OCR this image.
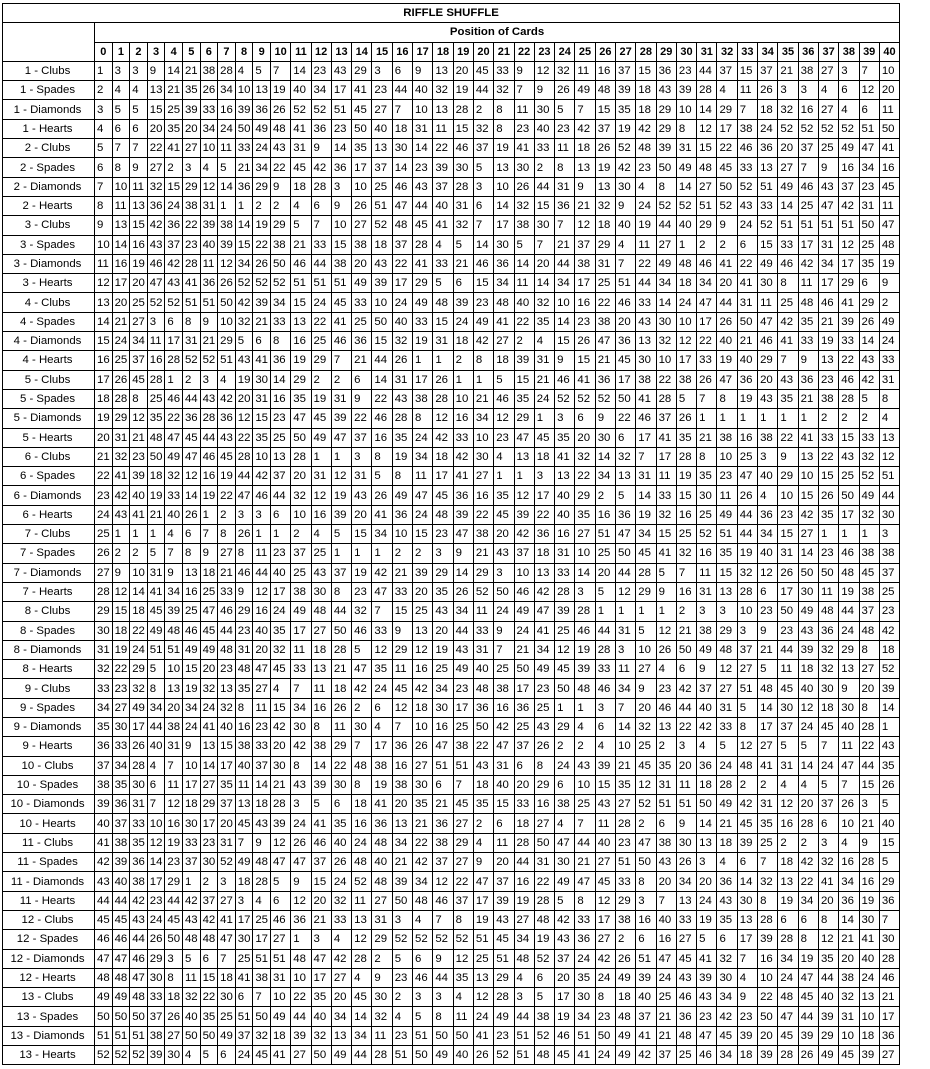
RIFFLE SHUFFLE																																									
	Position of Cards																																								
	0	1	2	3	4	5	6	7	8	9	10	11	12	13	14	15	16	17	18	19	20	21	22	23	24	25	26	27	28	29	30	31	32	33	34	35	36	37	38	39	40
1 - Clubs	1	3	3	9	14	21	38	28	4	5	7	14	23	43	29	3	6	9	13	20	45	33	9	12	32	11	16	37	15	36	23	44	37	15	37	21	38	27	3	7	10
1 - Spades	2	4	4	13	21	35	26	34	10	13	19	40	34	17	41	23	44	40	32	19	44	32	7	9	26	49	48	39	18	43	39	28	4	11	26	3	3	4	6	12	20
1 - Diamonds	3	5	5	15	25	39	33	16	39	36	26	52	52	51	45	27	7	10	13	28	2	8	11	30	5	7	15	35	18	29	10	14	29	7	18	32	16	27	4	6	11
1 - Hearts	4	6	6	20	35	20	34	24	50	49	48	41	36	23	50	40	18	31	11	15	32	8	23	40	23	42	37	19	42	29	8	12	17	38	24	52	52	52	52	51	50
2 - Clubs	5	7	7	22	41	27	10	11	33	24	43	31	9	14	35	13	30	14	22	46	37	19	41	33	11	18	26	52	48	39	31	15	22	46	36	20	37	25	49	47	41
2 - Spades	6	8	9	27	2	3	4	5	21	34	22	45	42	36	17	37	14	23	39	30	5	13	30	2	8	13	19	42	23	50	49	48	45	33	13	27	7	9	16	34	16
2 - Diamonds	7	10	11	32	15	29	12	14	36	29	9	18	28	3	10	25	46	43	37	28	3	10	26	44	31	9	13	30	4	8	14	27	50	52	51	49	46	43	37	23	45
2 - Hearts	8	11	13	36	24	38	31	1	1	2	2	4	6	9	26	51	47	44	40	31	6	14	32	15	36	21	32	9	24	52	52	51	52	43	33	14	25	47	42	31	11
3 - Clubs	9	13	15	42	36	22	39	38	14	19	29	5	7	10	27	52	48	45	41	32	7	17	38	30	7	12	18	40	19	44	40	29	9	24	52	51	51	51	51	50	47
3 - Spades	10	14	16	43	37	23	40	39	15	22	38	21	33	15	38	18	37	28	4	5	14	30	5	7	21	37	29	4	11	27	1	2	2	6	15	33	17	31	12	25	48
3 - Diamonds	11	16	19	46	42	28	11	12	34	26	50	46	44	38	20	43	22	41	33	21	46	36	14	20	44	38	31	7	22	49	48	46	41	22	49	46	42	34	17	35	19
3 - Hearts	12	17	20	47	43	41	36	26	52	52	52	51	51	51	49	39	17	29	5	6	15	34	11	14	34	17	25	51	44	34	18	34	20	41	30	8	11	17	29	6	9
4 - Clubs	13	20	25	52	52	51	51	50	42	39	34	15	24	45	33	10	24	49	48	39	23	48	40	32	10	16	22	46	33	14	24	47	44	31	11	25	48	46	41	29	2
4 - Spades	14	21	27	3	6	8	9	10	32	21	33	13	22	41	25	50	40	33	15	24	49	41	22	35	14	23	38	20	43	30	10	17	26	50	47	42	35	21	39	26	49
4 - Diamonds	15	24	34	11	17	31	21	29	5	6	8	16	25	46	36	15	32	19	31	18	42	27	2	4	15	26	47	36	13	32	12	22	40	21	46	41	33	19	33	14	24
4 - Hearts	16	25	37	16	28	52	52	51	43	41	36	19	29	7	21	44	26	1	1	2	8	18	39	31	9	15	21	45	30	10	17	33	19	40	29	7	9	13	22	43	33
5 - Clubs	17	26	45	28	1	2	3	4	19	30	14	29	2	2	6	14	31	17	26	1	1	5	15	21	46	41	36	17	38	22	38	26	47	36	20	43	36	23	46	42	31
5 - Spades	18	28	8	25	46	44	43	42	20	31	16	35	19	31	9	22	43	38	28	10	21	46	35	24	52	52	52	50	41	28	5	7	8	19	43	35	21	38	28	5	8
5 - Diamonds	19	29	12	35	22	36	28	36	12	15	23	47	45	39	22	46	28	8	12	16	34	12	29	1	3	6	9	22	46	37	26	1	1	1	1	1	1	2	2	2	4
5 - Hearts	20	31	21	48	47	45	44	43	22	35	25	50	49	47	37	16	35	24	42	33	10	23	47	45	35	20	30	6	17	41	35	21	38	16	38	22	41	33	15	33	13
6 - Clubs	21	32	23	50	49	47	46	45	28	10	13	28	1	1	3	8	19	34	18	42	30	4	13	18	41	32	14	32	7	17	28	8	10	25	3	9	13	22	43	32	12
6 - Spades	22	41	39	18	32	12	16	19	44	42	37	20	31	12	31	5	8	11	17	41	27	1	1	3	13	22	34	13	31	11	19	35	23	47	40	29	10	15	25	52	51
6 - Diamonds	23	42	40	19	33	14	19	22	47	46	44	32	12	19	43	26	49	47	45	36	16	35	12	17	40	29	2	5	14	33	15	30	11	26	4	10	15	26	50	49	44
6 - Hearts	24	43	41	21	40	26	1	2	3	3	6	10	16	39	20	41	36	24	48	39	22	45	39	22	40	35	16	36	19	32	16	25	49	44	36	23	42	35	17	32	30
7 - Clubs	25	1	1	1	4	6	7	8	26	1	1	2	4	5	15	34	10	15	23	47	38	20	42	36	16	27	51	47	34	15	25	52	51	44	34	15	27	1	1	1	3
7 - Spades	26	2	2	5	7	8	9	27	8	11	23	37	25	1	1	1	2	2	3	9	21	43	37	18	31	10	25	50	45	41	32	16	35	19	40	31	14	23	46	38	38
7 - Diamonds	27	9	10	31	9	13	18	21	46	44	40	25	43	37	19	42	21	39	29	14	29	3	10	13	33	14	20	44	28	5	7	11	15	32	12	26	50	50	48	45	37
7 - Hearts	28	12	14	41	34	16	25	33	9	12	17	38	30	8	23	47	33	20	35	26	52	50	46	42	28	3	5	12	29	9	16	31	13	28	6	17	30	11	19	38	25
8 - Clubs	29	15	18	45	39	25	47	46	29	16	24	49	48	44	32	7	15	25	43	34	11	24	49	47	39	28	1	1	1	1	2	3	3	10	23	50	49	48	44	37	23
8 - Spades	30	18	22	49	48	46	45	44	23	40	35	17	27	50	46	33	9	13	20	44	33	9	24	41	25	46	44	31	5	12	21	38	29	3	9	23	43	36	24	48	42
8 - Diamonds	31	19	24	51	51	49	49	48	31	20	32	11	18	28	5	12	29	12	19	43	31	7	21	34	12	19	28	3	10	26	50	49	48	37	21	44	39	32	29	8	18
8 - Hearts	32	22	29	5	10	15	20	23	48	47	45	33	13	21	47	35	11	16	25	49	40	25	50	49	45	39	33	11	27	4	6	9	12	27	5	11	18	32	13	27	52
9 - Clubs	33	23	32	8	13	19	32	13	35	27	4	7	11	18	42	24	45	42	34	23	48	38	17	23	50	48	46	34	9	23	42	37	27	51	48	45	40	30	9	20	39
9 - Spades	34	27	49	34	20	34	24	32	8	11	15	34	16	26	2	6	12	18	30	17	36	16	36	25	1	1	3	7	20	46	44	40	31	5	14	30	12	18	30	8	14
9 - Diamonds	35	30	17	44	38	24	41	40	16	23	42	30	8	11	30	4	7	10	16	25	50	42	25	43	29	4	6	14	32	13	22	42	33	8	17	37	24	45	40	28	1
9 - Hearts	36	33	26	40	31	9	13	15	38	33	20	42	38	29	7	17	36	26	47	38	22	47	37	26	2	2	4	10	25	2	3	4	5	12	27	5	5	7	11	22	43
10 - Clubs	37	34	28	4	7	10	14	17	40	37	30	8	14	22	48	38	16	27	51	51	43	31	6	8	24	43	39	21	45	35	20	36	24	48	41	31	14	24	47	44	35
10 - Spades	38	35	30	6	11	17	27	35	11	14	21	43	39	30	8	19	38	30	6	7	18	40	20	29	6	10	15	35	12	31	11	18	28	2	2	4	4	5	7	15	26
10 - Diamonds	39	36	31	7	12	18	29	37	13	18	28	3	5	6	18	41	20	35	21	45	35	15	33	16	38	25	43	27	52	51	51	50	49	42	31	12	20	37	26	3	5
10 - Hearts	40	37	33	10	16	30	17	20	45	43	39	24	41	35	16	36	13	21	36	27	2	6	18	27	4	7	11	28	2	6	9	14	21	45	35	16	28	6	10	21	40
11 - Clubs	41	38	35	12	19	33	23	31	7	9	12	26	46	40	24	48	34	22	38	29	4	11	28	50	47	44	40	23	47	38	30	13	18	39	25	2	2	3	4	9	15
11 - Spades	42	39	36	14	23	37	30	52	49	48	47	47	37	26	48	40	21	42	37	27	9	20	44	31	30	21	27	51	50	43	26	3	4	6	7	18	42	32	16	28	5
11 - Diamonds	43	40	38	17	29	1	2	3	18	28	5	9	15	24	52	48	39	34	12	22	47	37	16	22	49	47	45	33	8	20	34	20	36	14	32	13	22	41	34	16	29
11 - Hearts	44	44	42	23	44	42	37	27	3	4	6	12	20	32	11	27	50	48	46	37	17	39	19	28	5	8	12	29	3	7	13	24	43	30	8	19	34	20	36	19	36
12 - Clubs	45	45	43	24	45	43	42	41	17	25	46	36	21	33	13	31	3	4	7	8	19	43	27	48	42	33	17	38	16	40	33	19	35	13	28	6	6	8	14	30	7
12 - Spades	46	46	44	26	50	48	48	47	30	17	27	1	3	4	12	29	52	52	52	52	51	45	34	19	43	36	27	2	6	16	27	5	6	17	39	28	8	12	21	41	30
12 - Diamonds	47	47	46	29	3	5	6	7	25	51	51	48	47	42	28	2	5	6	9	12	25	51	48	52	37	24	42	26	51	47	45	41	32	7	16	34	19	35	20	40	28
12 - Hearts	48	48	47	30	8	11	15	18	41	38	31	10	17	27	4	9	23	46	44	35	13	29	4	6	20	35	24	49	39	24	43	39	30	4	10	24	47	44	38	24	46
13 - Clubs	49	49	48	33	18	32	22	30	6	7	10	22	35	20	45	30	2	3	3	4	12	28	3	5	17	30	8	18	40	25	46	43	34	9	22	48	45	40	32	13	21
13 - Spades	50	50	50	37	26	40	35	25	51	50	49	44	40	34	14	32	4	5	8	11	24	49	44	38	19	34	23	48	37	21	36	23	42	23	50	47	44	39	31	10	17
13 - Diamonds	51	51	51	38	27	50	50	49	37	32	18	39	32	13	34	11	23	51	50	50	41	23	51	52	46	51	50	49	41	21	48	47	45	39	20	45	39	29	10	18	36
13 - Hearts	52	52	52	39	30	4	5	6	24	45	41	27	50	49	44	28	51	50	49	40	26	52	51	48	45	41	24	49	42	37	25	46	34	18	39	28	26	49	45	39	27
